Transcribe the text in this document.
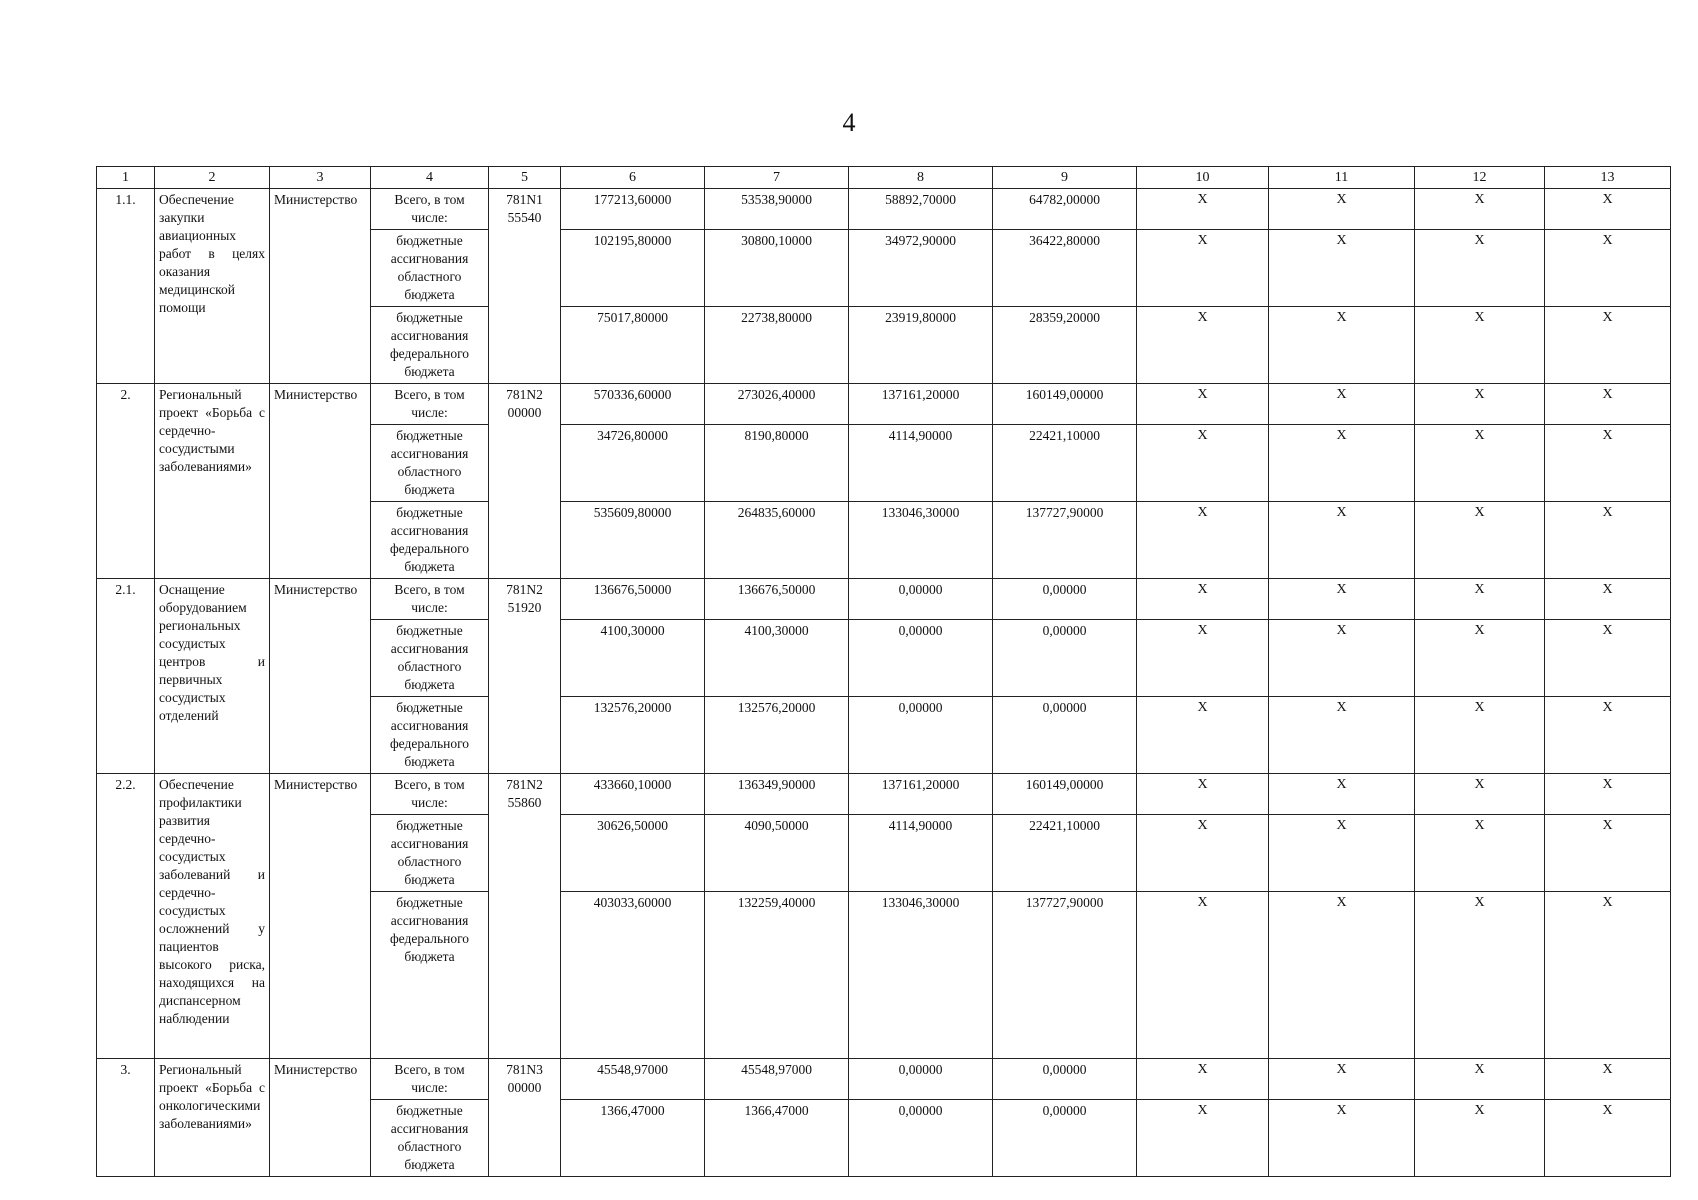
4
1	2	3	4	5	6	7	8	9	10	11	12	13
1.1.	Обеспечение закупки авиационных работ в целях оказания медицинской помощи	Министерство	Всего, в том числе:	781N1 55540	177213,60000	53538,90000	58892,70000	64782,00000	X	X	X	X
			бюджетные ассигнования областного бюджета		102195,80000	30800,10000	34972,90000	36422,80000	X	X	X	X
			бюджетные ассигнования федерального бюджета		75017,80000	22738,80000	23919,80000	28359,20000	X	X	X	X
2.	Региональный проект «Борьба с сердечно-сосудистыми заболеваниями»	Министерство	Всего, в том числе:	781N2 00000	570336,60000	273026,40000	137161,20000	160149,00000	X	X	X	X
			бюджетные ассигнования областного бюджета		34726,80000	8190,80000	4114,90000	22421,10000	X	X	X	X
			бюджетные ассигнования федерального бюджета		535609,80000	264835,60000	133046,30000	137727,90000	X	X	X	X
2.1.	Оснащение оборудованием региональных сосудистых центров и первичных сосудистых отделений	Министерство	Всего, в том числе:	781N2 51920	136676,50000	136676,50000	0,00000	0,00000	X	X	X	X
			бюджетные ассигнования областного бюджета		4100,30000	4100,30000	0,00000	0,00000	X	X	X	X
			бюджетные ассигнования федерального бюджета		132576,20000	132576,20000	0,00000	0,00000	X	X	X	X
2.2.	Обеспечение профилактики развития сердечно-сосудистых заболеваний и сердечно-сосудистых осложнений у пациентов высокого риска, находящихся на диспансерном наблюдении	Министерство	Всего, в том числе:	781N2 55860	433660,10000	136349,90000	137161,20000	160149,00000	X	X	X	X
			бюджетные ассигнования областного бюджета		30626,50000	4090,50000	4114,90000	22421,10000	X	X	X	X
			бюджетные ассигнования федерального бюджета		403033,60000	132259,40000	133046,30000	137727,90000	X	X	X	X
3.	Региональный проект «Борьба с онкологическими заболеваниями»	Министерство	Всего, в том числе:	781N3 00000	45548,97000	45548,97000	0,00000	0,00000	X	X	X	X
			бюджетные ассигнования областного бюджета		1366,47000	1366,47000	0,00000	0,00000	X	X	X	X
